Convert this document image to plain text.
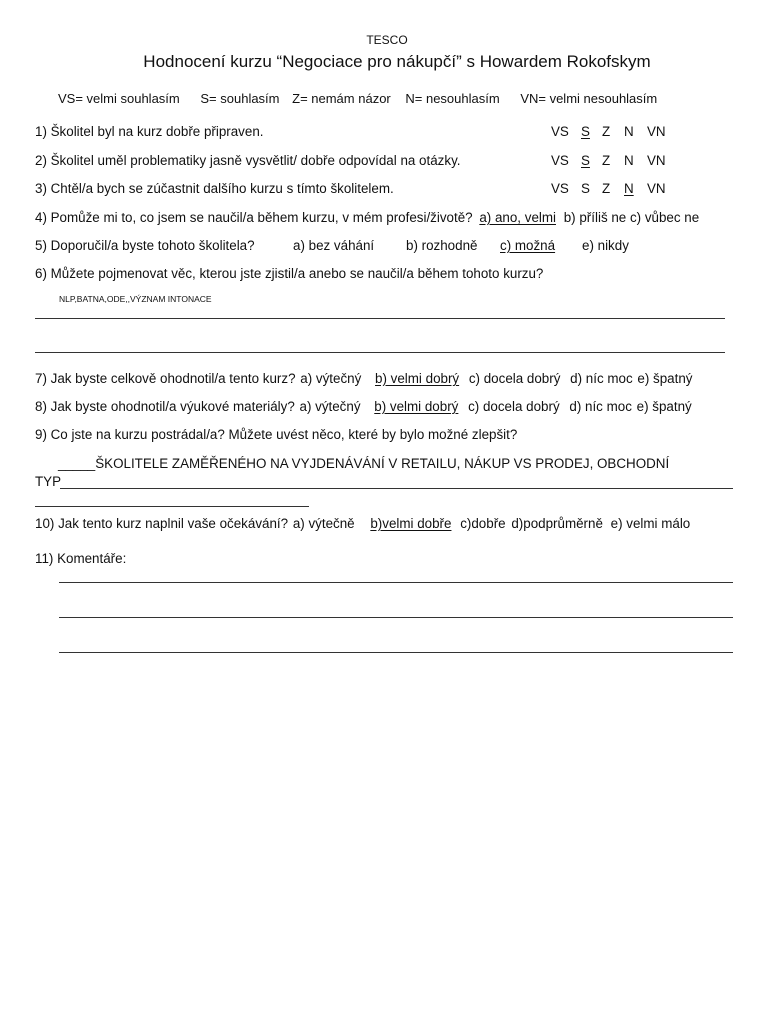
TESCO
Hodnocení kurzu “Negociace pro nákupčí” s Howardem Rokofskym
VS= velmi souhlasím S= souhlasím Z= nemám názor N= nesouhlasím VN= velmi nesouhlasím
1) Školitel byl na kurz dobře připraven.	VS S Z N VN
2) Školitel uměl problematiky jasně vysvětlit/ dobře odpovídal na otázky.	VS S Z N VN
3) Chtěl/a bych se zúčastnit dalšího kurzu s tímto školitelem.	VS S Z N VN
4) Pomůže mi to, co jsem se naučil/a během kurzu, v mém profesi/životě? a) ano, velmi b) příliš ne c) vůbec ne
5) Doporučil/a byste tohoto školitela?	a) bez váhání b) rozhodně c) možná e) nikdy
6) Můžete pojmenovat věc, kterou jste zjistil/a anebo se naučil/a během tohoto kurzu?
NLP,BATNA,ODE,,VÝZNAM INTONACE
7) Jak byste celkově ohodnotil/a tento kurz? a) výtečný b) velmi dobrý c) docela dobrý d) níc moc e) špatný
8) Jak byste ohodnotil/a výukové materiály? a) výtečný b) velmi dobrý c) docela dobrý d) níc moc e) špatný
9) Co jste na kurzu postrádal/a? Můžete uvést něco, které by bylo možné zlepšit?
_____ŠKOLITELE ZAMĚŘENÉHO NA VYJDENÁVÁNÍ V RETAILU, NÁKUP VS PRODEJ, OBCHODNÍ
TYP
10) Jak tento kurz naplnil vaše očekávání? a) výtečně b)velmi dobře c)dobře d)podprůměrně e) velmi málo
11) Komentáře:
